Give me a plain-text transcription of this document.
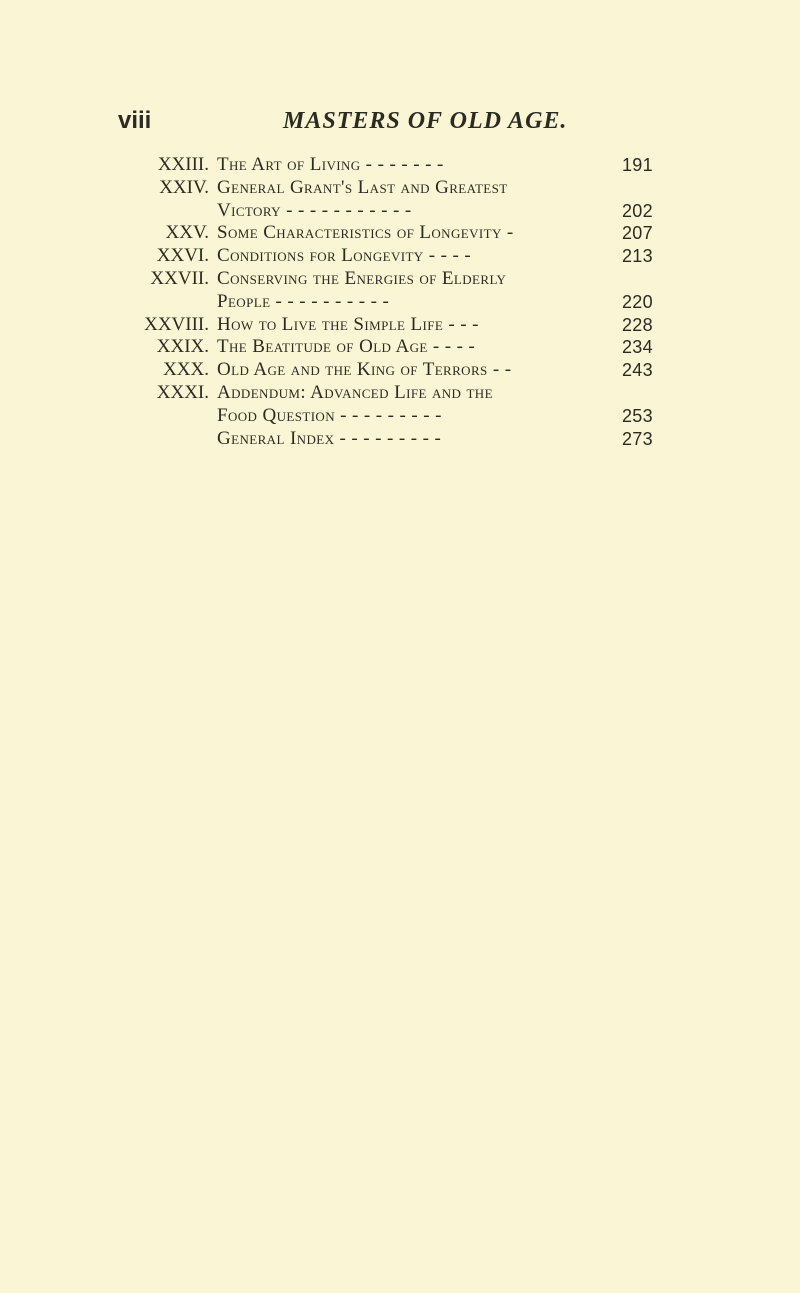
viii	MASTERS OF OLD AGE.
XXIII. The Art of Living - - - - - - -	191
XXIV. General Grant's Last and Greatest
Victory - - - - - - - - - - -	202
XXV. Some Characteristics of Longevity -	207
XXVI. Conditions for Longevity - - - -	213
XXVII. Conserving the Energies of Elderly
People - - - - - - - - - -	220
XXVIII. How to Live the Simple Life - - -	228
XXIX. The Beatitude of Old Age - - - -	234
XXX. Old Age and the King of Terrors - -	243
XXXI. Addendum: Advanced Life and the
Food Question - - - - - - - - -	253
General Index - - - - - - - - -	273
